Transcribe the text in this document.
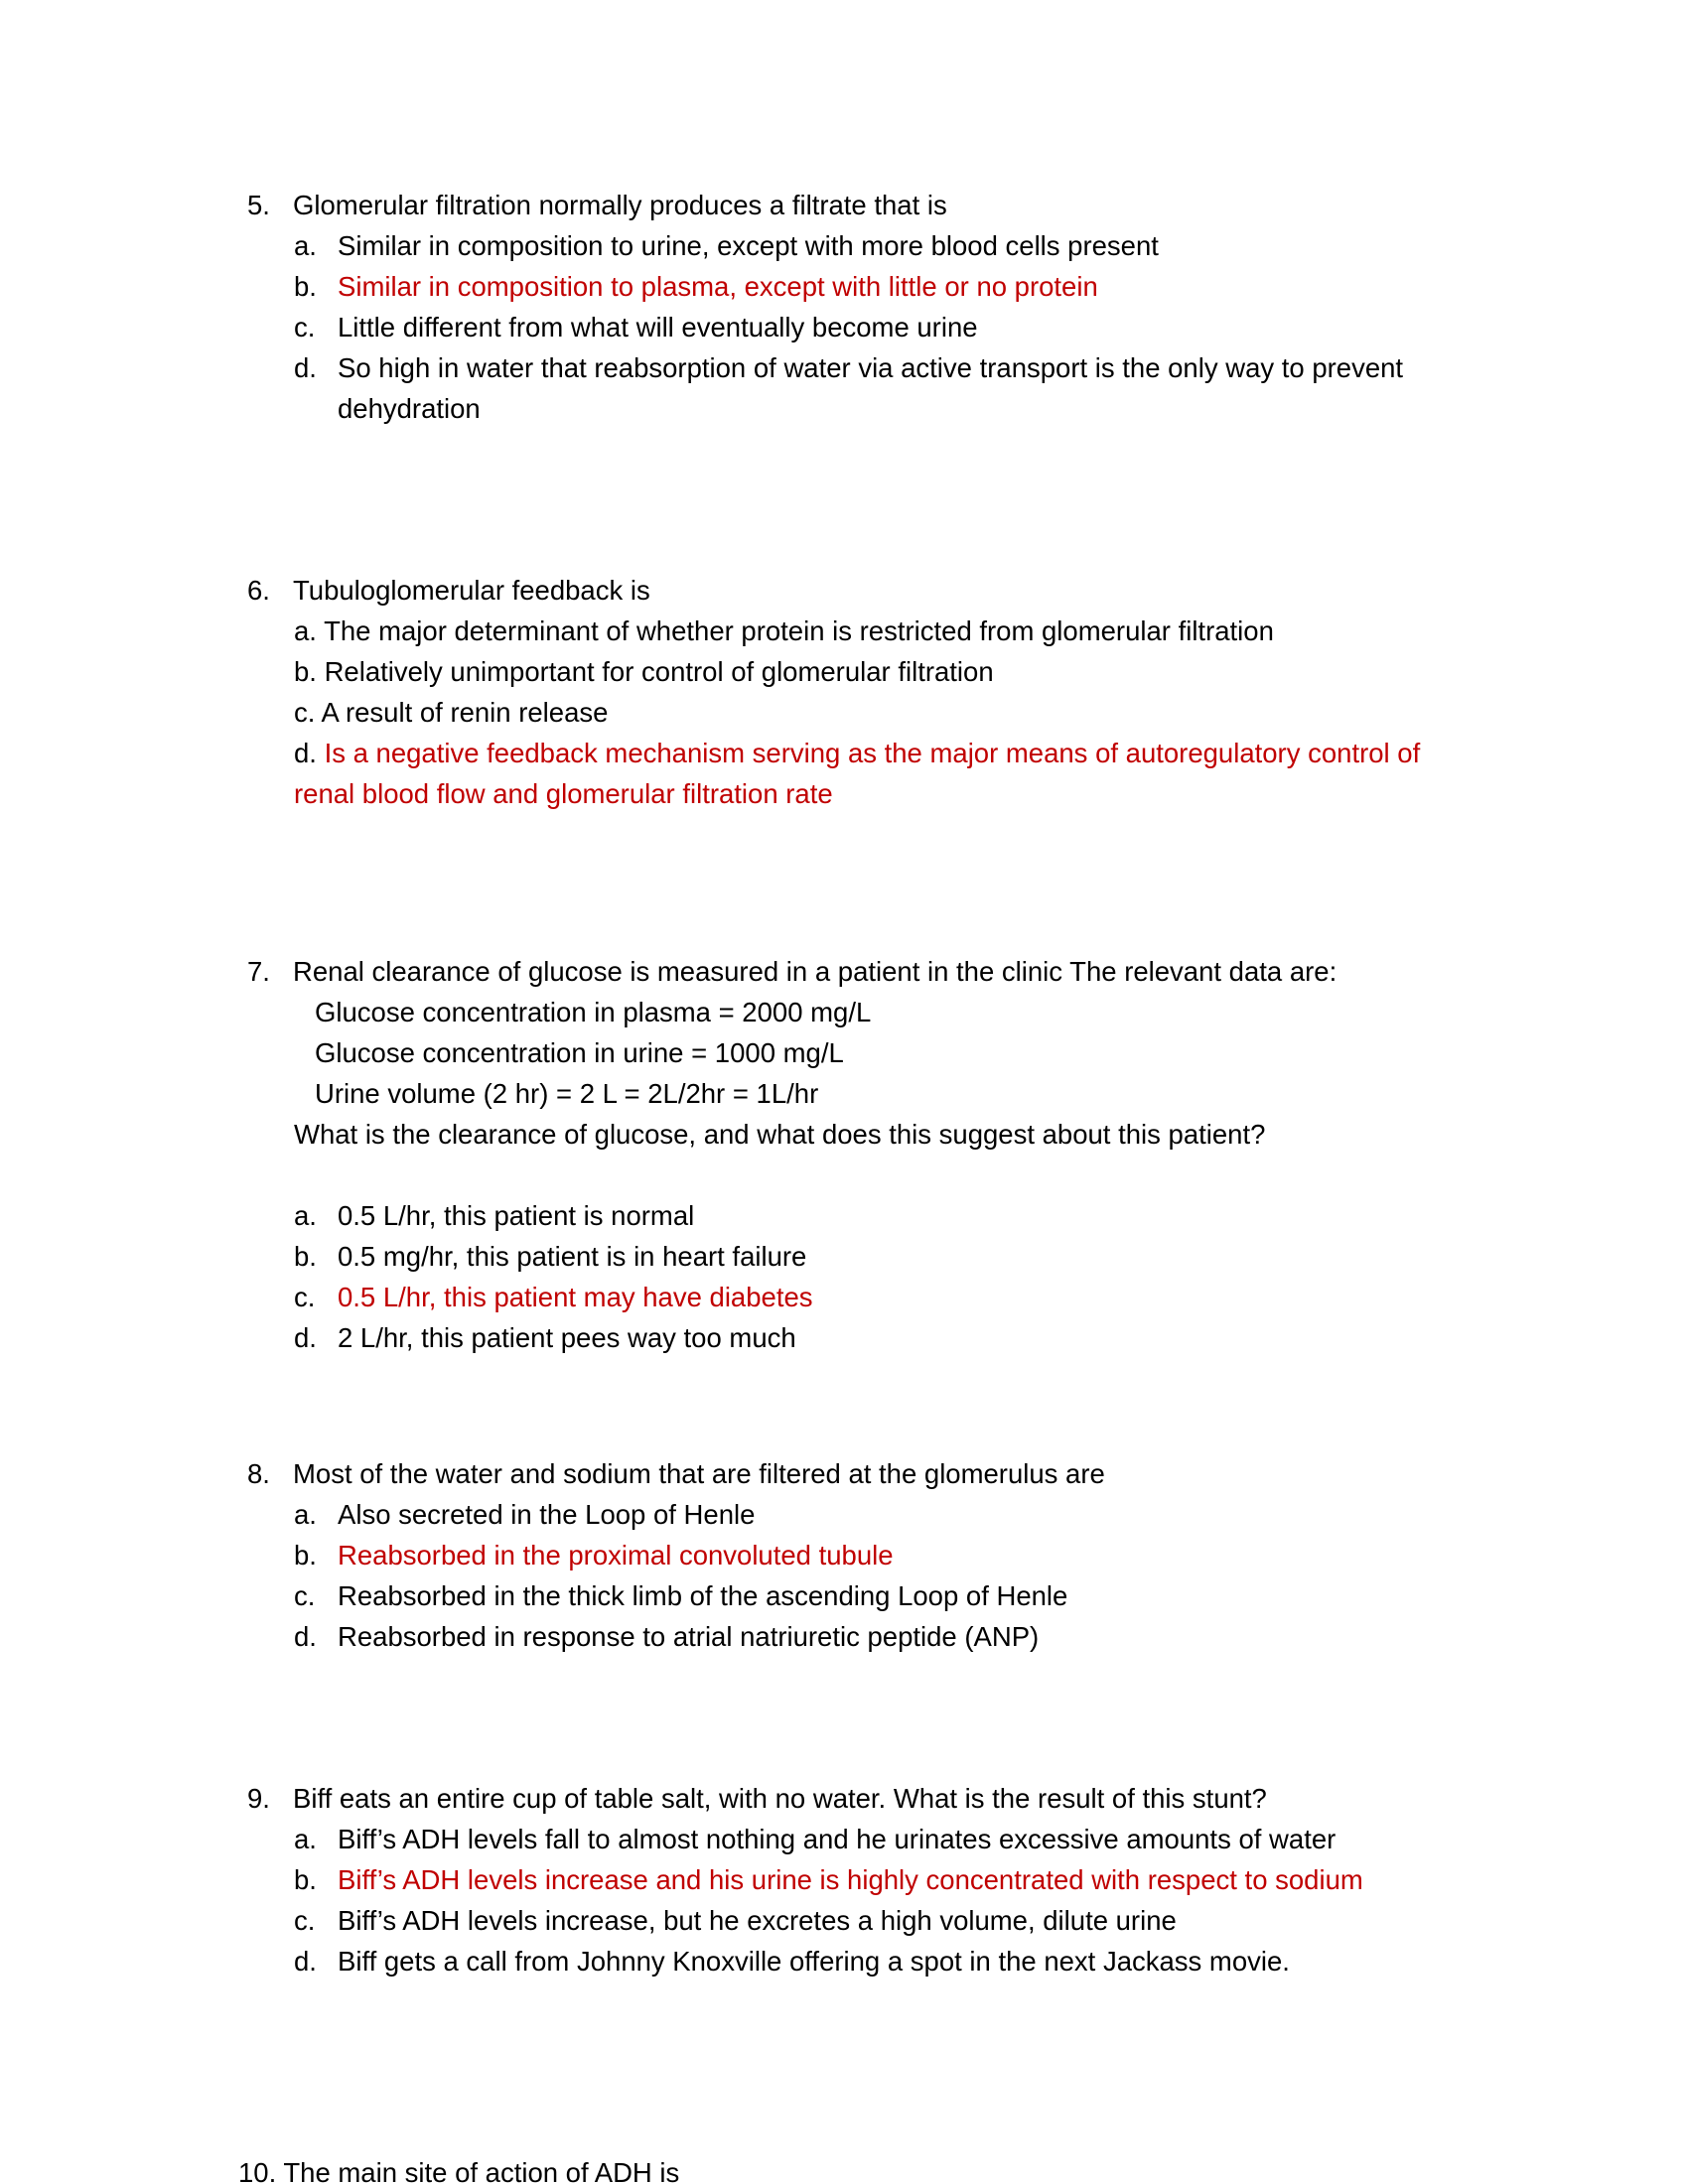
5. Glomerular filtration normally produces a filtrate that is
a. Similar in composition to urine, except with more blood cells present
b. Similar in composition to plasma, except with little or no protein
c. Little different from what will eventually become urine
d. So high in water that reabsorption of water via active transport is the only way to prevent dehydration
6. Tubuloglomerular feedback is
a. The major determinant of whether protein is restricted from glomerular filtration
b. Relatively unimportant for control of glomerular filtration
c. A result of renin release
d. Is a negative feedback mechanism serving as the major means of autoregulatory control of renal blood flow and glomerular filtration rate
7. Renal clearance of glucose is measured in a patient in the clinic The relevant data are:
Glucose concentration in plasma = 2000 mg/L
Glucose concentration in urine = 1000 mg/L
Urine volume (2 hr) = 2 L = 2L/2hr = 1L/hr
What is the clearance of glucose, and what does this suggest about this patient?
a. 0.5 L/hr, this patient is normal
b. 0.5 mg/hr, this patient is in heart failure
c. 0.5 L/hr, this patient may have diabetes
d. 2 L/hr, this patient pees way too much
8. Most of the water and sodium that are filtered at the glomerulus are
a. Also secreted in the Loop of Henle
b. Reabsorbed in the proximal convoluted tubule
c. Reabsorbed in the thick limb of the ascending Loop of Henle
d. Reabsorbed in response to atrial natriuretic peptide (ANP)
9. Biff eats an entire cup of table salt, with no water. What is the result of this stunt?
a. Biff’s ADH levels fall to almost nothing and he urinates excessive amounts of water
b. Biff’s ADH levels increase and his urine is highly concentrated with respect to sodium
c. Biff’s ADH levels increase, but he excretes a high volume, dilute urine
d. Biff gets a call from Johnny Knoxville offering a spot in the next Jackass movie.
10. The main site of action of ADH is
